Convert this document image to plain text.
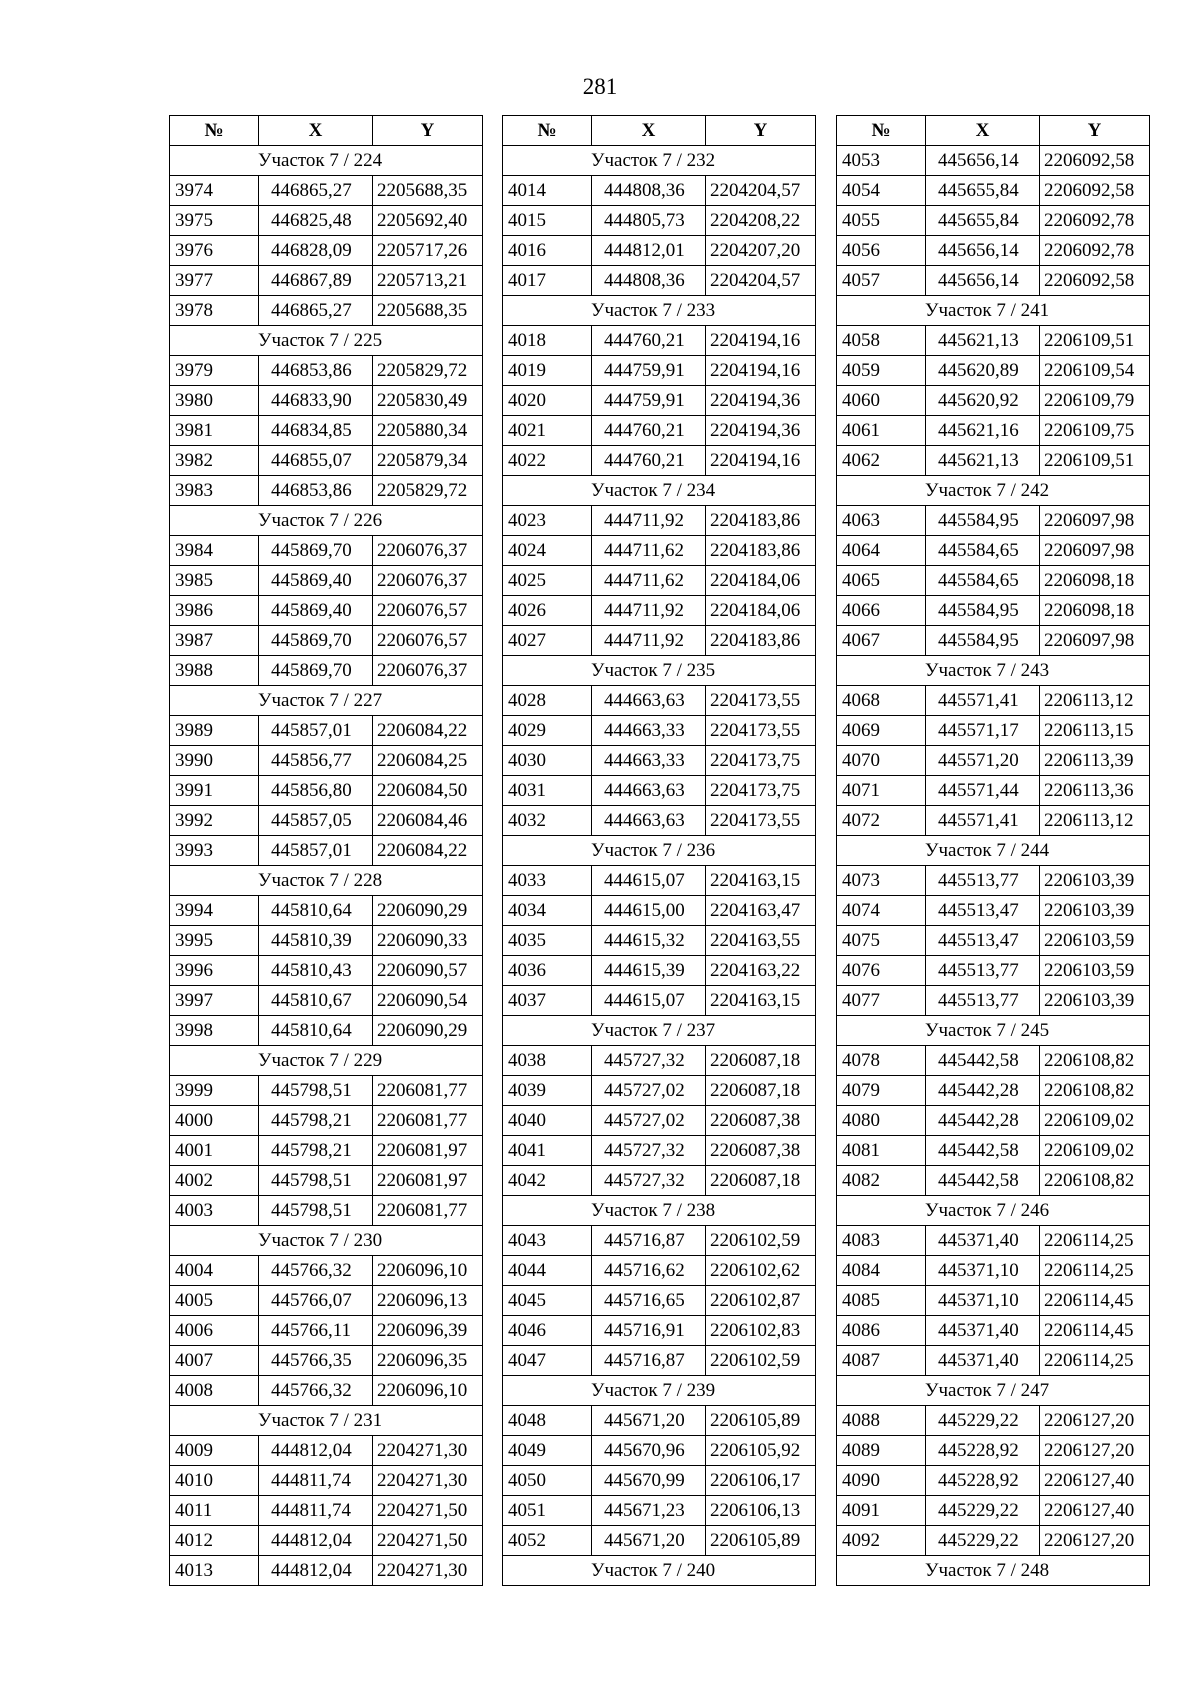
281
№	X	Y
Участок 7 / 224		
3974	446865,27	2205688,35
3975	446825,48	2205692,40
3976	446828,09	2205717,26
3977	446867,89	2205713,21
3978	446865,27	2205688,35
Участок 7 / 225		
3979	446853,86	2205829,72
3980	446833,90	2205830,49
3981	446834,85	2205880,34
3982	446855,07	2205879,34
3983	446853,86	2205829,72
Участок 7 / 226		
3984	445869,70	2206076,37
3985	445869,40	2206076,37
3986	445869,40	2206076,57
3987	445869,70	2206076,57
3988	445869,70	2206076,37
Участок 7 / 227		
3989	445857,01	2206084,22
3990	445856,77	2206084,25
3991	445856,80	2206084,50
3992	445857,05	2206084,46
3993	445857,01	2206084,22
Участок 7 / 228		
3994	445810,64	2206090,29
3995	445810,39	2206090,33
3996	445810,43	2206090,57
3997	445810,67	2206090,54
3998	445810,64	2206090,29
Участок 7 / 229		
3999	445798,51	2206081,77
4000	445798,21	2206081,77
4001	445798,21	2206081,97
4002	445798,51	2206081,97
4003	445798,51	2206081,77
Участок 7 / 230		
4004	445766,32	2206096,10
4005	445766,07	2206096,13
4006	445766,11	2206096,39
4007	445766,35	2206096,35
4008	445766,32	2206096,10
Участок 7 / 231		
4009	444812,04	2204271,30
4010	444811,74	2204271,30
4011	444811,74	2204271,50
4012	444812,04	2204271,50
4013	444812,04	2204271,30
№	X	Y
Участок 7 / 232		
4014	444808,36	2204204,57
4015	444805,73	2204208,22
4016	444812,01	2204207,20
4017	444808,36	2204204,57
Участок 7 / 233		
4018	444760,21	2204194,16
4019	444759,91	2204194,16
4020	444759,91	2204194,36
4021	444760,21	2204194,36
4022	444760,21	2204194,16
Участок 7 / 234		
4023	444711,92	2204183,86
4024	444711,62	2204183,86
4025	444711,62	2204184,06
4026	444711,92	2204184,06
4027	444711,92	2204183,86
Участок 7 / 235		
4028	444663,63	2204173,55
4029	444663,33	2204173,55
4030	444663,33	2204173,75
4031	444663,63	2204173,75
4032	444663,63	2204173,55
Участок 7 / 236		
4033	444615,07	2204163,15
4034	444615,00	2204163,47
4035	444615,32	2204163,55
4036	444615,39	2204163,22
4037	444615,07	2204163,15
Участок 7 / 237		
4038	445727,32	2206087,18
4039	445727,02	2206087,18
4040	445727,02	2206087,38
4041	445727,32	2206087,38
4042	445727,32	2206087,18
Участок 7 / 238		
4043	445716,87	2206102,59
4044	445716,62	2206102,62
4045	445716,65	2206102,87
4046	445716,91	2206102,83
4047	445716,87	2206102,59
Участок 7 / 239		
4048	445671,20	2206105,89
4049	445670,96	2206105,92
4050	445670,99	2206106,17
4051	445671,23	2206106,13
4052	445671,20	2206105,89
Участок 7 / 240		
№	X	Y
4053	445656,14	2206092,58
4054	445655,84	2206092,58
4055	445655,84	2206092,78
4056	445656,14	2206092,78
4057	445656,14	2206092,58
Участок 7 / 241		
4058	445621,13	2206109,51
4059	445620,89	2206109,54
4060	445620,92	2206109,79
4061	445621,16	2206109,75
4062	445621,13	2206109,51
Участок 7 / 242		
4063	445584,95	2206097,98
4064	445584,65	2206097,98
4065	445584,65	2206098,18
4066	445584,95	2206098,18
4067	445584,95	2206097,98
Участок 7 / 243		
4068	445571,41	2206113,12
4069	445571,17	2206113,15
4070	445571,20	2206113,39
4071	445571,44	2206113,36
4072	445571,41	2206113,12
Участок 7 / 244		
4073	445513,77	2206103,39
4074	445513,47	2206103,39
4075	445513,47	2206103,59
4076	445513,77	2206103,59
4077	445513,77	2206103,39
Участок 7 / 245		
4078	445442,58	2206108,82
4079	445442,28	2206108,82
4080	445442,28	2206109,02
4081	445442,58	2206109,02
4082	445442,58	2206108,82
Участок 7 / 246		
4083	445371,40	2206114,25
4084	445371,10	2206114,25
4085	445371,10	2206114,45
4086	445371,40	2206114,45
4087	445371,40	2206114,25
Участок 7 / 247		
4088	445229,22	2206127,20
4089	445228,92	2206127,20
4090	445228,92	2206127,40
4091	445229,22	2206127,40
4092	445229,22	2206127,20
Участок 7 / 248		
